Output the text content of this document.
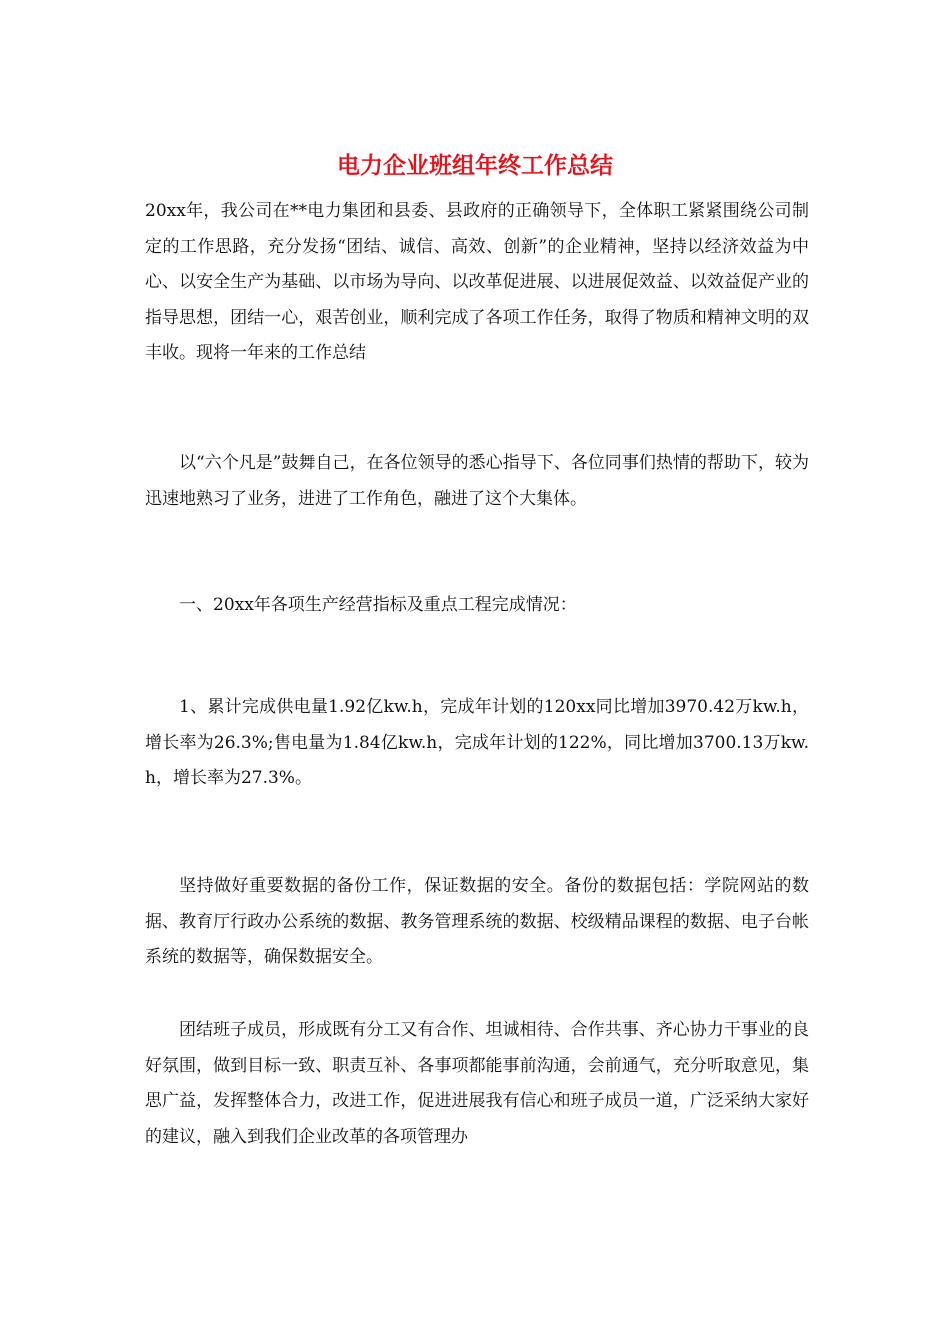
电力企业班组年终工作总结

20xx年，我公司在**电力集团和县委、县政府的正确领导下，全体职工紧紧围绕公司制定的工作思路，充分发扬“团结、诚信、高效、创新”的企业精神，坚持以经济效益为中心、以安全生产为基础、以市场为导向、以改革促进展、以进展促效益、以效益促产业的指导思想，团结一心，艰苦创业，顺利完成了各项工作任务，取得了物质和精神文明的双丰收。现将一年来的工作总结

以“六个凡是”鼓舞自己，在各位领导的悉心指导下、各位同事们热情的帮助下，较为迅速地熟习了业务，进进了工作角色，融进了这个大集体。

一、20xx年各项生产经营指标及重点工程完成情况：

1、累计完成供电量1.92亿kw.h，完成年计划的120xx同比增加3970.42万kw.h，增长率为26.3%;售电量为1.84亿kw.h，完成年计划的122%，同比增加3700.13万kw.h，增长率为27.3%。

坚持做好重要数据的备份工作，保证数据的安全。备份的数据包括：学院网站的数据、教育厅行政办公系统的数据、教务管理系统的数据、校级精品课程的数据、电子台帐系统的数据等，确保数据安全。

团结班子成员，形成既有分工又有合作、坦诚相待、合作共事、齐心协力干事业的良好氛围，做到目标一致、职责互补、各事项都能事前沟通，会前通气，充分听取意见，集思广益，发挥整体合力，改进工作，促进进展我有信心和班子成员一道，广泛采纳大家好的建议，融入到我们企业改革的各项管理办
